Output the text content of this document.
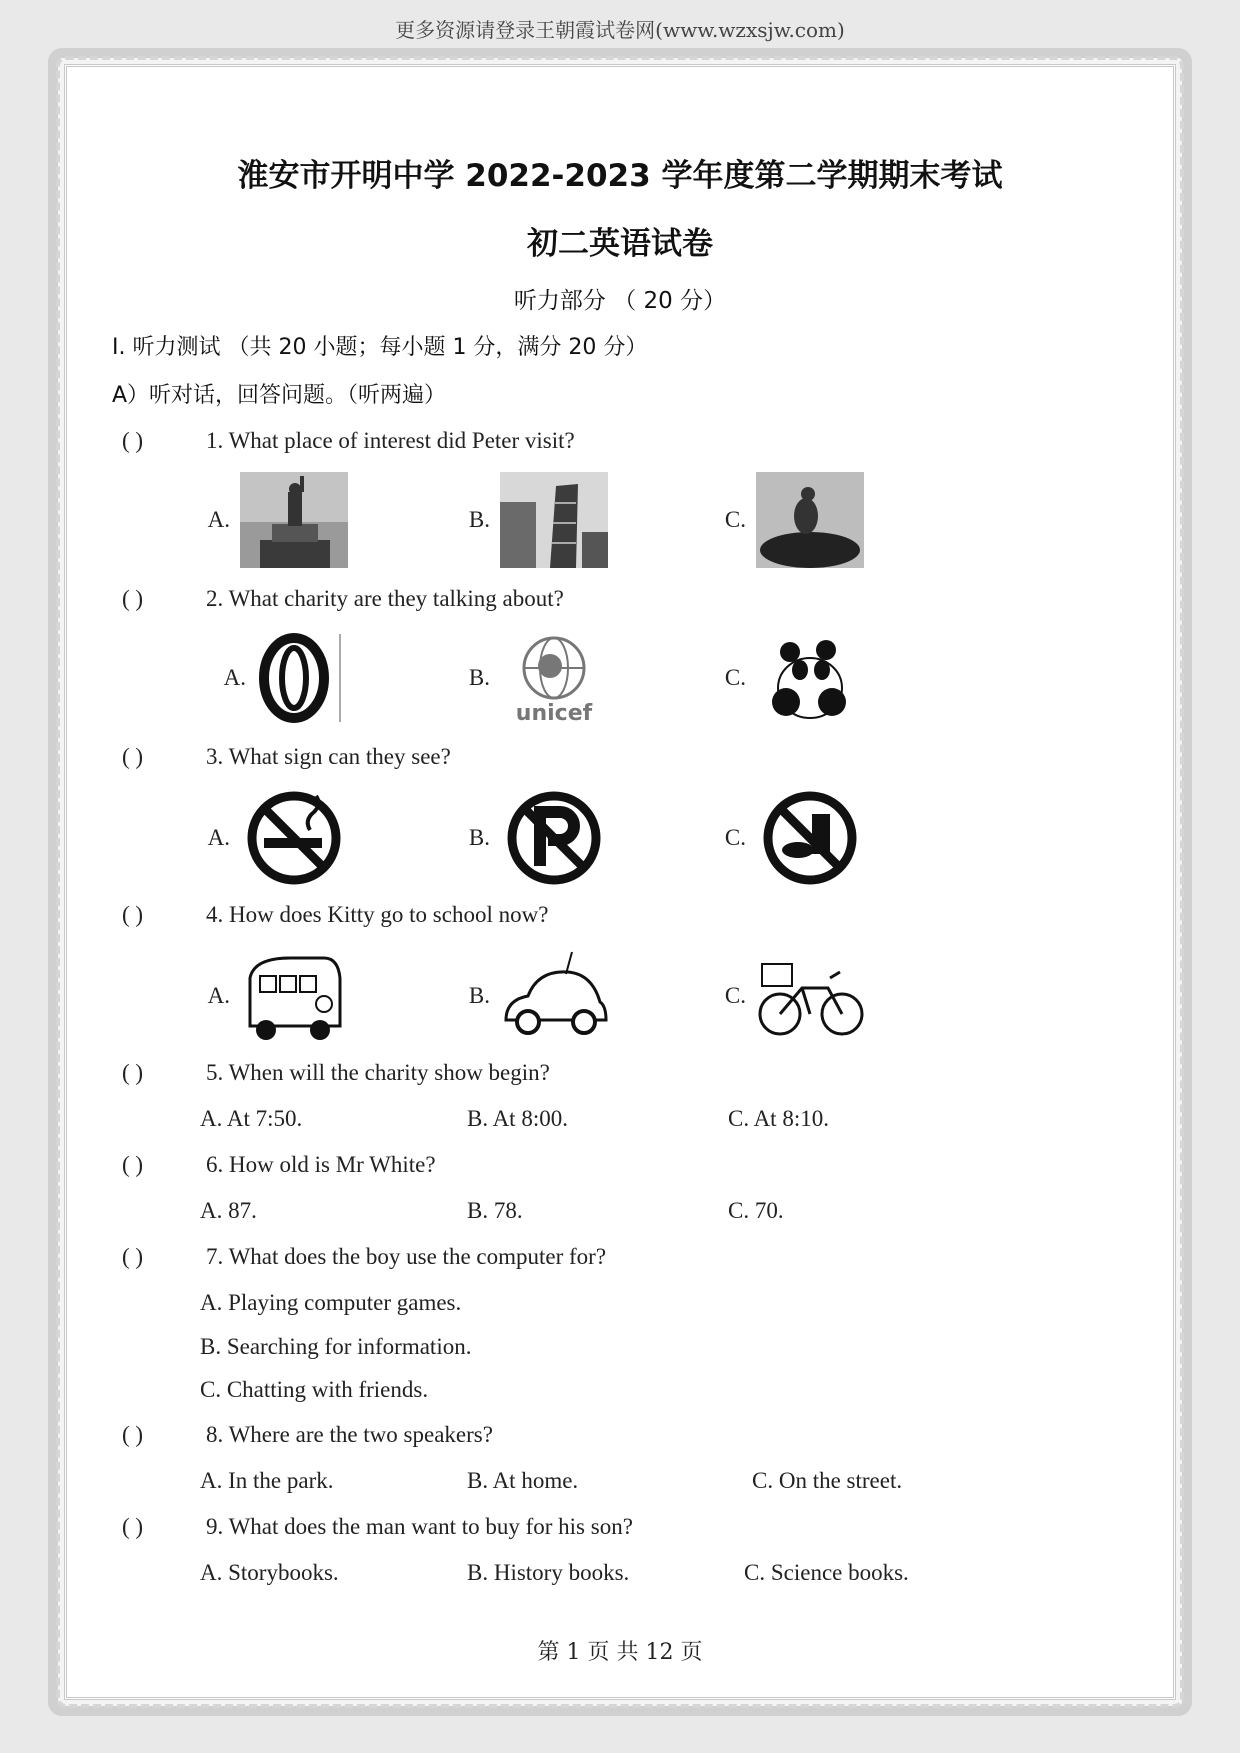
更多资源请登录王朝霞试卷网(www.wzxsjw.com)
淮安市开明中学 2022-2023 学年度第二学期期末考试
初二英语试卷
听力部分 （ 20 分）
I. 听力测试 （共 20 小题；每小题 1 分，满分 20 分）
A）听对话，回答问题。（听两遍）
( )	1. What place of interest did Peter visit?
A.	B.	C.
( )	2. What charity are they talking about?
A.	B.
unicef
C.
( )	3. What sign can they see?
A.	B.	C.
( )	4. How does Kitty go to school now?
A.	B.	C.
( )	5. When will the charity show begin?
A. At 7:50.	B. At 8:00.	C. At 8:10.
( )	6. How old is Mr White?
A. 87.	B. 78.	C. 70.
( )	7. What does the boy use the computer for?
A. Playing computer games.
B. Searching for information.
C. Chatting with friends.
( )	8. Where are the two speakers?
A. In the park.	B. At home.	C. On the street.
( )	9. What does the man want to buy for his son?
A. Storybooks.	B. History books.	C. Science books.
第 1 页 共 12 页
